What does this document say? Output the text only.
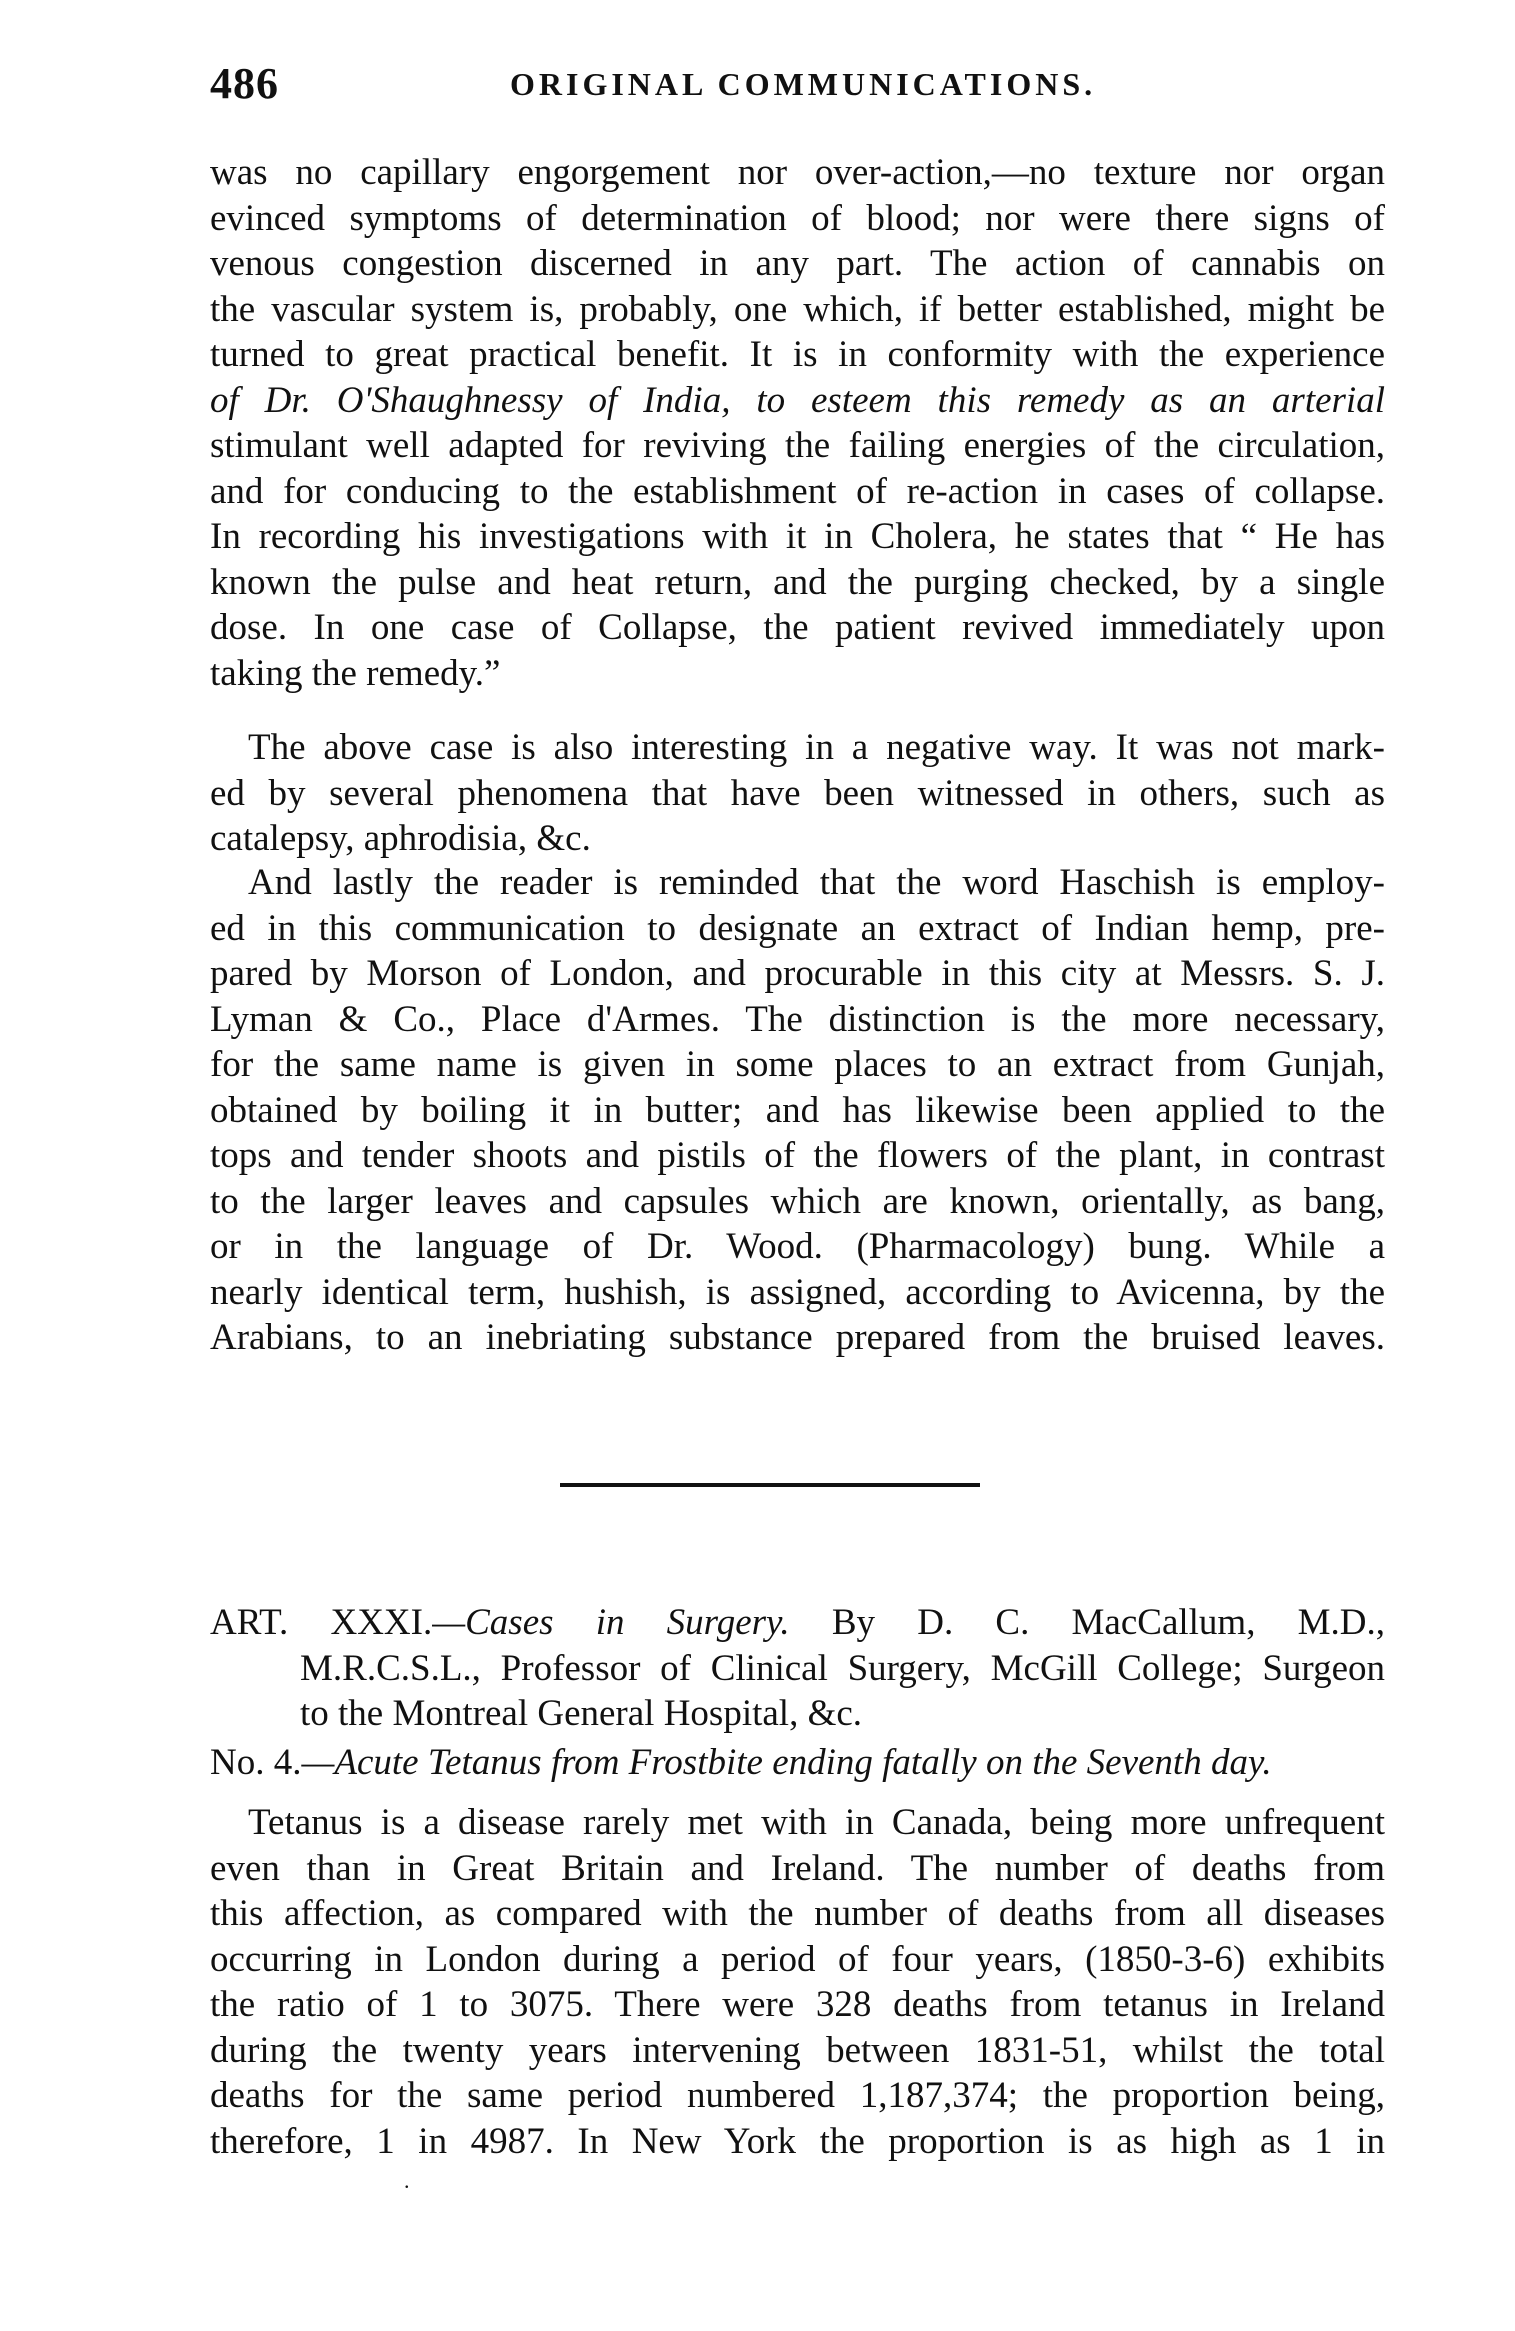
486	ORIGINAL COMMUNICATIONS.
was no capillary engorgement nor over-action,—no texture nor organ
evinced symptoms of determination of blood; nor were there signs of
venous congestion discerned in any part. The action of cannabis on
the vascular system is, probably, one which, if better established, might be
turned to great practical benefit. It is in conformity with the experience
of Dr. O'Shaughnessy of India, to esteem this remedy as an arterial
stimulant well adapted for reviving the failing energies of the circulation,
and for conducing to the establishment of re-action in cases of collapse.
In recording his investigations with it in Cholera, he states that “ He has
known the pulse and heat return, and the purging checked, by a single
dose. In one case of Collapse, the patient revived immediately upon
taking the remedy.”
The above case is also interesting in a negative way. It was not mark-
ed by several phenomena that have been witnessed in others, such as
catalepsy, aphrodisia, &c.
And lastly the reader is reminded that the word Haschish is employ-
ed in this communication to designate an extract of Indian hemp, pre-
pared by Morson of London, and procurable in this city at Messrs. S. J.
Lyman & Co., Place d'Armes. The distinction is the more necessary,
for the same name is given in some places to an extract from Gunjah,
obtained by boiling it in butter; and has likewise been applied to the
tops and tender shoots and pistils of the flowers of the plant, in contrast
to the larger leaves and capsules which are known, orientally, as bang,
or in the language of Dr. Wood. (Pharmacology) bung. While a
nearly identical term, hushish, is assigned, according to Avicenna, by the
Arabians, to an inebriating substance prepared from the bruised leaves.
ART. XXXI.—Cases in Surgery. By D. C. MacCallum, M.D.,
M.R.C.S.L., Professor of Clinical Surgery, McGill College; Surgeon
to the Montreal General Hospital, &c.
No. 4.—Acute Tetanus from Frostbite ending fatally on the Seventh day.
Tetanus is a disease rarely met with in Canada, being more unfrequent
even than in Great Britain and Ireland. The number of deaths from
this affection, as compared with the number of deaths from all diseases
occurring in London during a period of four years, (1850-3-6) exhibits
the ratio of 1 to 3075. There were 328 deaths from tetanus in Ireland
during the twenty years intervening between 1831-51, whilst the total
deaths for the same period numbered 1,187,374; the proportion being,
therefore, 1 in 4987. In New York the proportion is as high as 1 in
.
